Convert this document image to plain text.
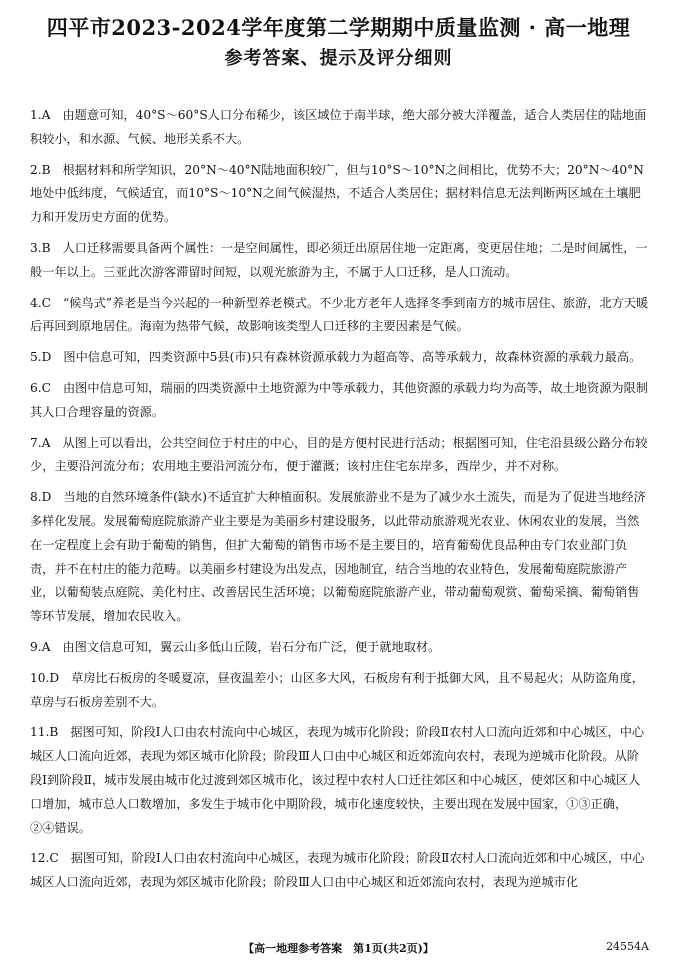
四平市2023-2024学年度第二学期期中质量监测 · 高一地理
参考答案、提示及评分细则

1.A 由题意可知，40°S～60°S人口分布稀少，该区域位于南半球，绝大部分被大洋覆盖，适合人类居住的陆地面积较小，和水源、气候、地形关系不大。

2.B 根据材料和所学知识，20°N～40°N陆地面积较广，但与10°S～10°N之间相比，优势不大；20°N～40°N地处中低纬度，气候适宜，而10°S～10°N之间气候湿热，不适合人类居住；据材料信息无法判断两区域在土壤肥力和开发历史方面的优势。

3.B 人口迁移需要具备两个属性：一是空间属性，即必须迁出原居住地一定距离，变更居住地；二是时间属性，一般一年以上。三亚此次游客滞留时间短，以观光旅游为主，不属于人口迁移，是人口流动。

4.C “候鸟式”养老是当今兴起的一种新型养老模式。不少北方老年人选择冬季到南方的城市居住、旅游，北方天暖后再回到原地居住。海南为热带气候，故影响该类型人口迁移的主要因素是气候。

5.D 图中信息可知，四类资源中5县(市)只有森林资源承载力为超高等、高等承载力，故森林资源的承载力最高。

6.C 由图中信息可知，瑞丽的四类资源中土地资源为中等承载力，其他资源的承载力均为高等，故土地资源为限制其人口合理容量的资源。

7.A 从图上可以看出，公共空间位于村庄的中心，目的是方便村民进行活动；根据图可知，住宅沿县级公路分布较少，主要沿河流分布；农用地主要沿河流分布，便于灌溉；该村庄住宅东岸多，西岸少，并不对称。

8.D 当地的自然环境条件(缺水)不适宜扩大种植面积。发展旅游业不是为了减少水土流失，而是为了促进当地经济多样化发展。发展葡萄庭院旅游产业主要是为美丽乡村建设服务，以此带动旅游观光农业、休闲农业的发展，当然在一定程度上会有助于葡萄的销售，但扩大葡萄的销售市场不是主要目的，培育葡萄优良品种由专门农业部门负责，并不在村庄的能力范畴。以美丽乡村建设为出发点，因地制宜，结合当地的农业特色，发展葡萄庭院旅游产业，以葡萄装点庭院、美化村庄、改善居民生活环境；以葡萄庭院旅游产业，带动葡萄观赏、葡萄采摘、葡萄销售等环节发展，增加农民收入。

9.A 由图文信息可知，翼云山多低山丘陵，岩石分布广泛，便于就地取材。

10.D 草房比石板房的冬暖夏凉，昼夜温差小；山区多大风，石板房有利于抵御大风，且不易起火；从防盗角度，草房与石板房差别不大。

11.B 据图可知，阶段Ⅰ人口由农村流向中心城区，表现为城市化阶段；阶段Ⅱ农村人口流向近郊和中心城区，中心城区人口流向近郊，表现为郊区城市化阶段；阶段Ⅲ人口由中心城区和近郊流向农村，表现为逆城市化阶段。从阶段Ⅰ到阶段Ⅱ，城市发展由城市化过渡到郊区城市化，该过程中农村人口迁往郊区和中心城区，使郊区和中心城区人口增加，城市总人口数增加，多发生于城市化中期阶段，城市化速度较快，主要出现在发展中国家，①③正确，②④错误。

12.C 据图可知，阶段Ⅰ人口由农村流向中心城区，表现为城市化阶段；阶段Ⅱ农村人口流向近郊和中心城区，中心城区人口流向近郊，表现为郊区城市化阶段；阶段Ⅲ人口由中心城区和近郊流向农村，表现为逆城市化

【高一地理参考答案　第1页(共2页)】	24554A
